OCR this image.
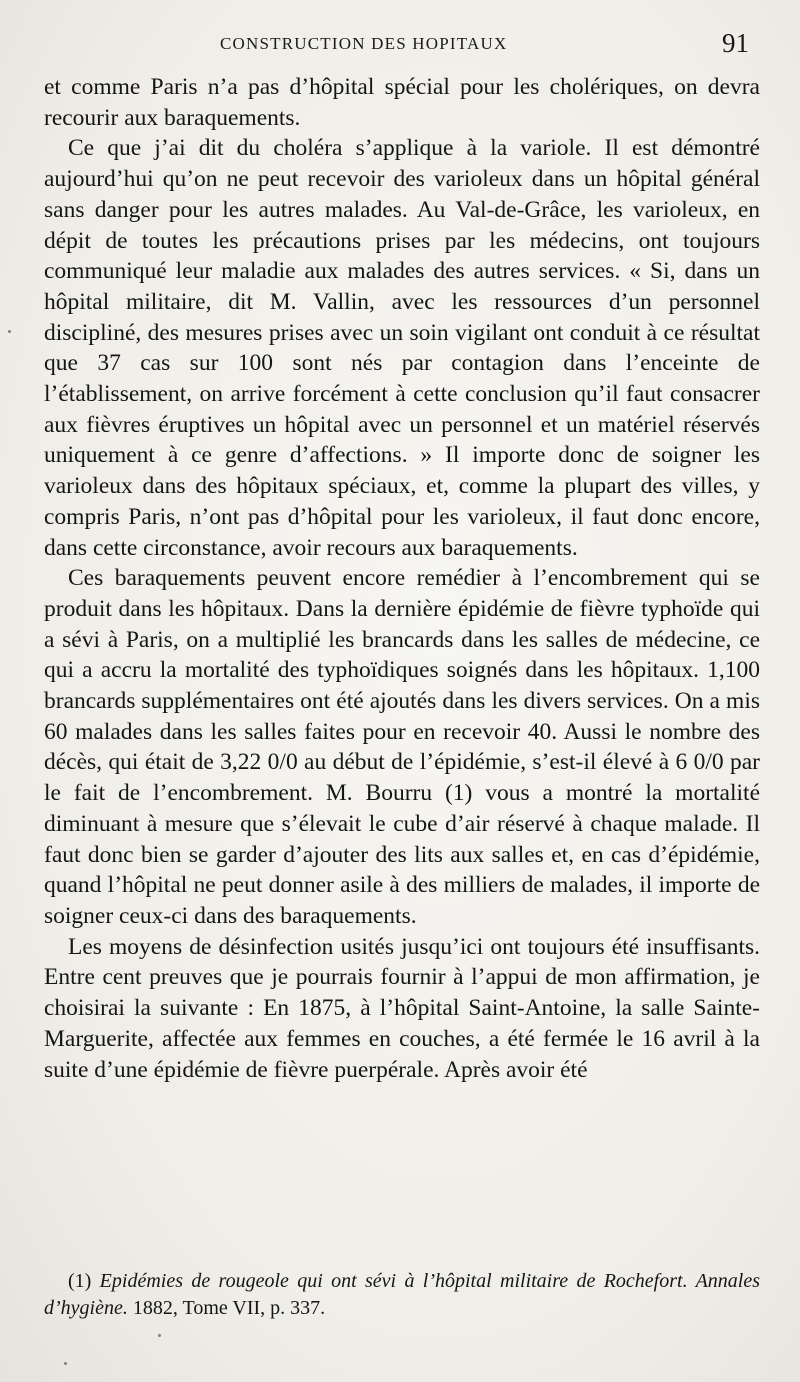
CONSTRUCTION DES HOPITAUX	91

et comme Paris n’a pas d’hôpital spécial pour les cholériques, on devra recourir aux baraquements.

Ce que j’ai dit du choléra s’applique à la variole. Il est démontré aujourd’hui qu’on ne peut recevoir des varioleux dans un hôpital général sans danger pour les autres malades. Au Val-de-Grâce, les varioleux, en dépit de toutes les précautions prises par les médecins, ont toujours communiqué leur maladie aux malades des autres services. « Si, dans un hôpital militaire, dit M. Vallin, avec les ressources d’un personnel discipliné, des mesures prises avec un soin vigilant ont conduit à ce résultat que 37 cas sur 100 sont nés par contagion dans l’enceinte de l’établissement, on arrive forcément à cette conclusion qu’il faut consacrer aux fièvres éruptives un hôpital avec un personnel et un matériel réservés uniquement à ce genre d’affections. » Il importe donc de soigner les varioleux dans des hôpitaux spéciaux, et, comme la plupart des villes, y compris Paris, n’ont pas d’hôpital pour les varioleux, il faut donc encore, dans cette circonstance, avoir recours aux baraquements.

Ces baraquements peuvent encore remédier à l’encombrement qui se produit dans les hôpitaux. Dans la dernière épidémie de fièvre typhoïde qui a sévi à Paris, on a multiplié les brancards dans les salles de médecine, ce qui a accru la mortalité des typhoïdiques soignés dans les hôpitaux. 1,100 brancards supplémentaires ont été ajoutés dans les divers services. On a mis 60 malades dans les salles faites pour en recevoir 40. Aussi le nombre des décès, qui était de 3,22 0/0 au début de l’épidémie, s’est-il élevé à 6 0/0 par le fait de l’encombrement. M. Bourru (1) vous a montré la mortalité diminuant à mesure que s’élevait le cube d’air réservé à chaque malade. Il faut donc bien se garder d’ajouter des lits aux salles et, en cas d’épidémie, quand l’hôpital ne peut donner asile à des milliers de malades, il importe de soigner ceux-ci dans des baraquements.

Les moyens de désinfection usités jusqu’ici ont toujours été insuffisants. Entre cent preuves que je pourrais fournir à l’appui de mon affirmation, je choisirai la suivante : En 1875, à l’hôpital Saint-Antoine, la salle Sainte-Marguerite, affectée aux femmes en couches, a été fermée le 16 avril à la suite d’une épidémie de fièvre puerpérale. Après avoir été

(1) Epidémies de rougeole qui ont sévi à l’hôpital militaire de Rochefort. Annales d’hygiène. 1882, Tome VII, p. 337.
